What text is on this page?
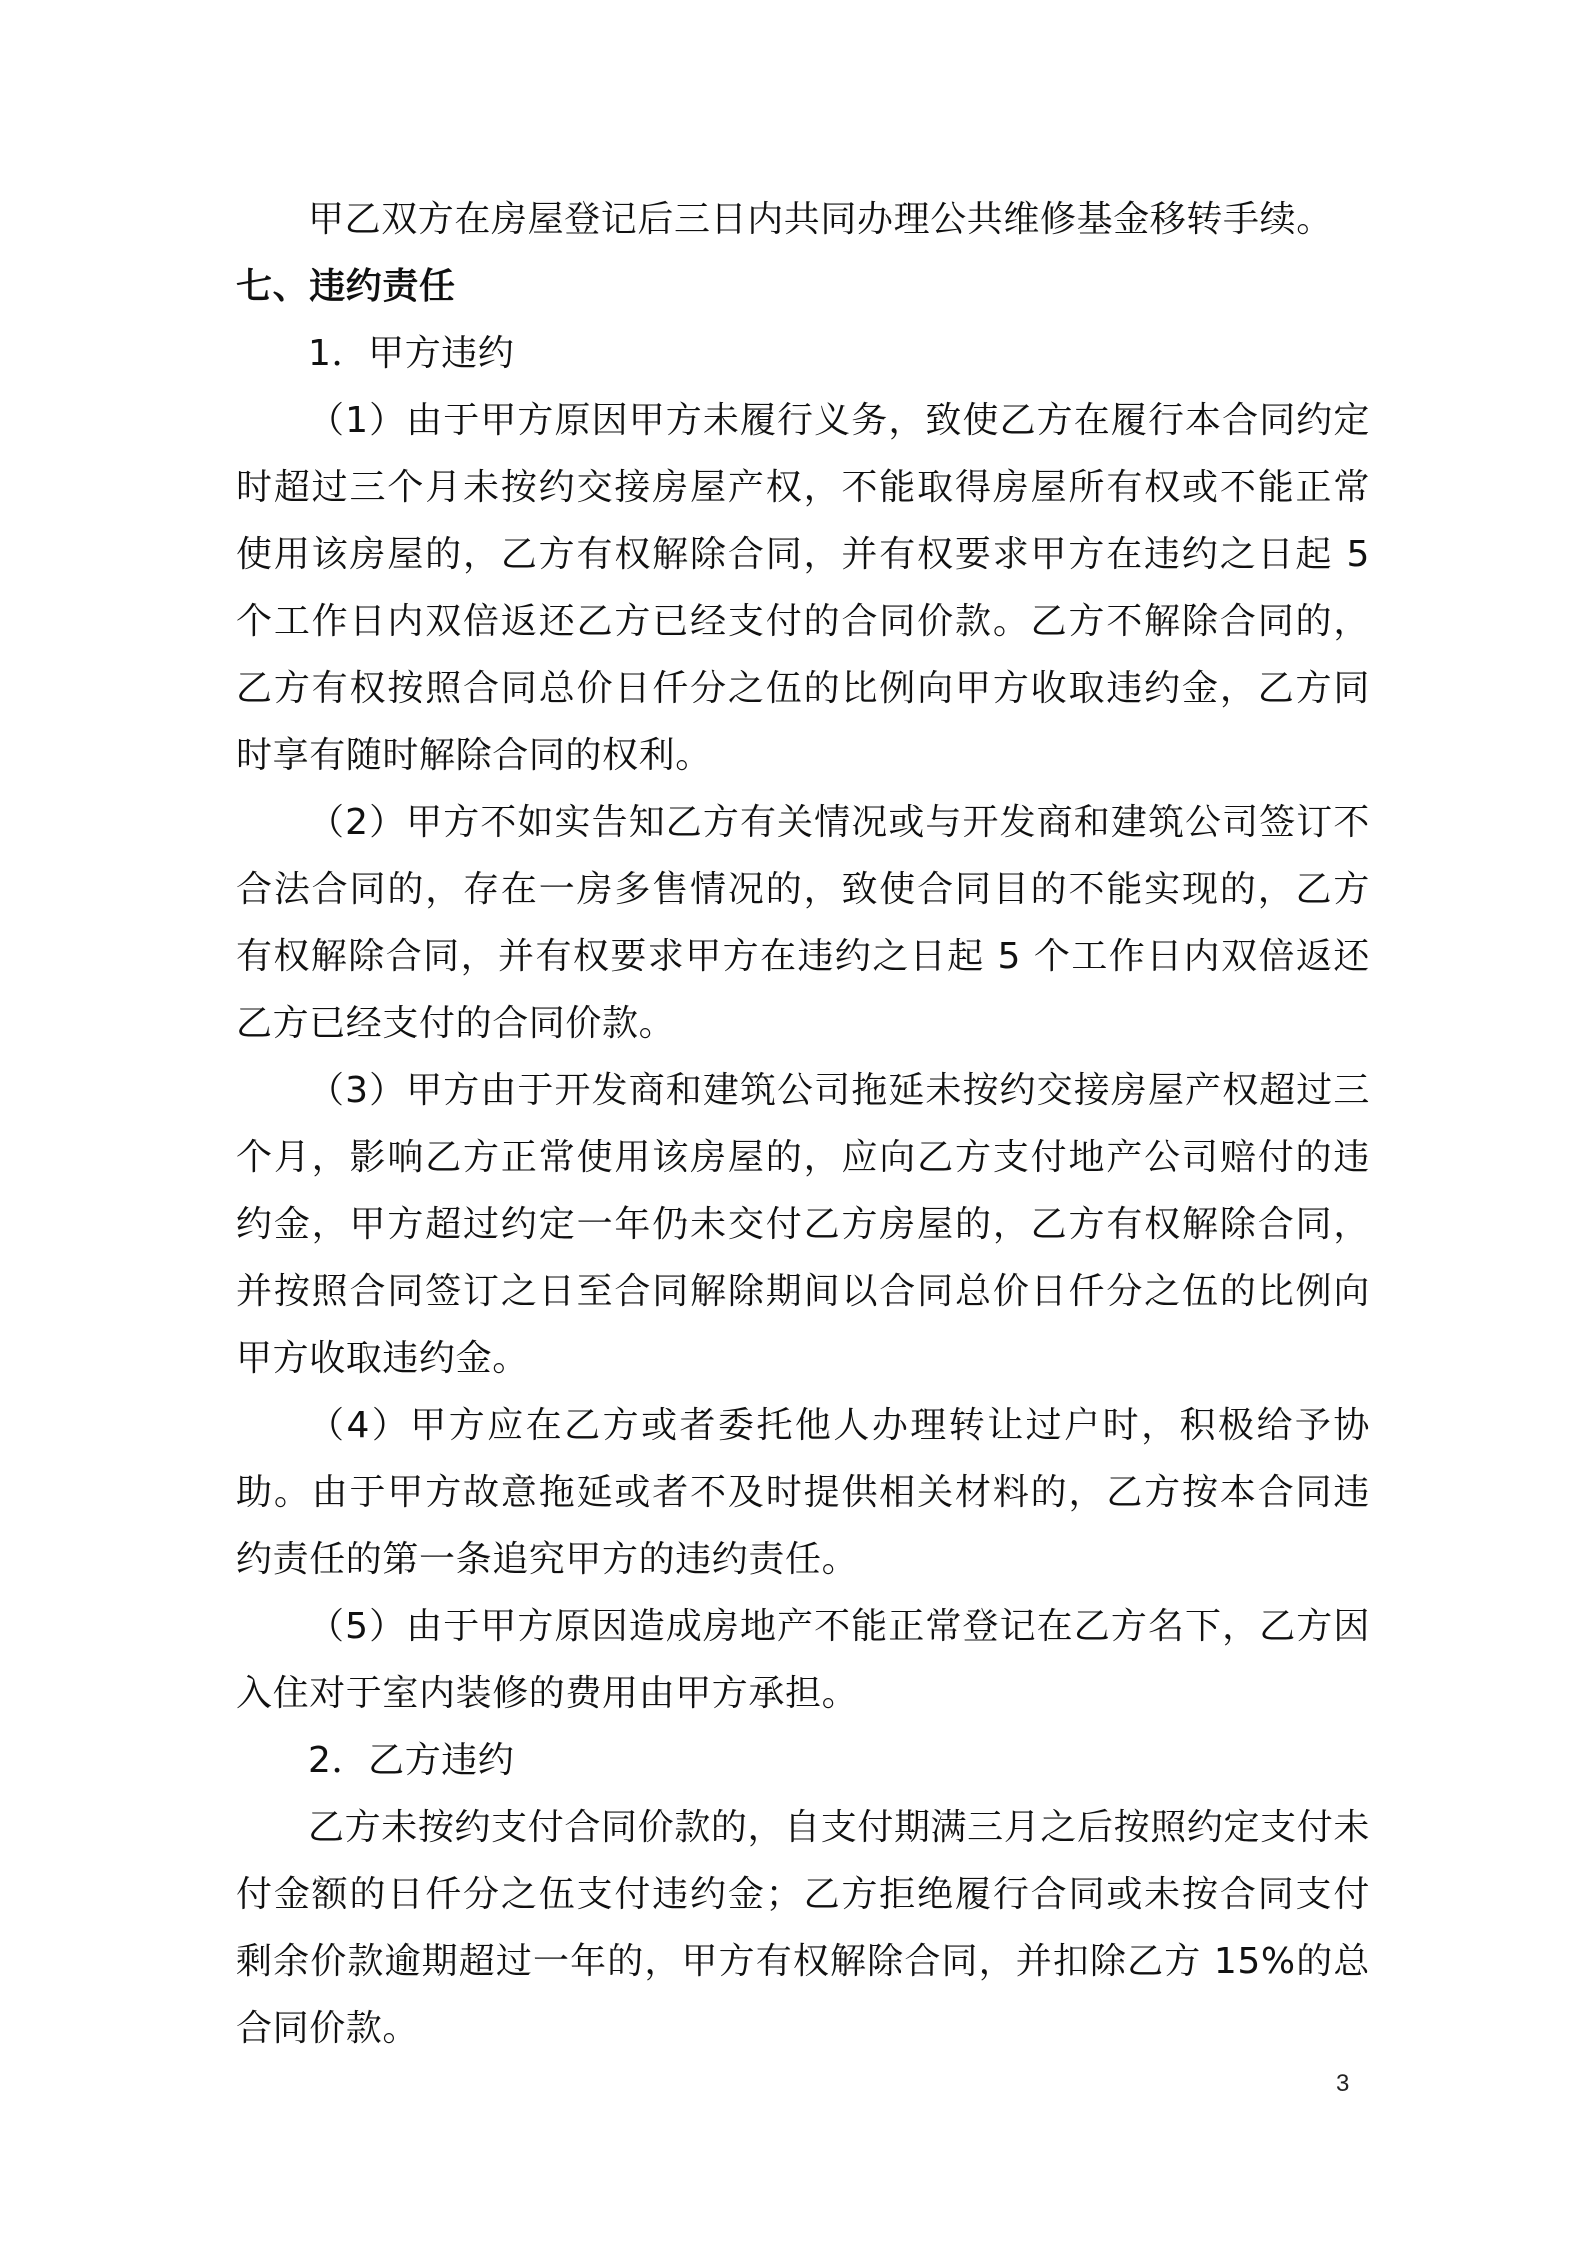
甲乙双方在房屋登记后三日内共同办理公共维修基金移转手续。

七、违约责任

1．甲方违约

（1）由于甲方原因甲方未履行义务，致使乙方在履行本合同约定时超过三个月未按约交接房屋产权，不能取得房屋所有权或不能正常使用该房屋的，乙方有权解除合同，并有权要求甲方在违约之日起 5 个工作日内双倍返还乙方已经支付的合同价款。乙方不解除合同的，乙方有权按照合同总价日仟分之伍的比例向甲方收取违约金，乙方同时享有随时解除合同的权利。

（2）甲方不如实告知乙方有关情况或与开发商和建筑公司签订不合法合同的，存在一房多售情况的，致使合同目的不能实现的，乙方有权解除合同，并有权要求甲方在违约之日起 5 个工作日内双倍返还乙方已经支付的合同价款。

（3）甲方由于开发商和建筑公司拖延未按约交接房屋产权超过三个月，影响乙方正常使用该房屋的，应向乙方支付地产公司赔付的违约金，甲方超过约定一年仍未交付乙方房屋的，乙方有权解除合同，并按照合同签订之日至合同解除期间以合同总价日仟分之伍的比例向甲方收取违约金。

（4）甲方应在乙方或者委托他人办理转让过户时，积极给予协助。由于甲方故意拖延或者不及时提供相关材料的，乙方按本合同违约责任的第一条追究甲方的违约责任。

（5）由于甲方原因造成房地产不能正常登记在乙方名下，乙方因入住对于室内装修的费用由甲方承担。

2．乙方违约

乙方未按约支付合同价款的，自支付期满三月之后按照约定支付未付金额的日仟分之伍支付违约金；乙方拒绝履行合同或未按合同支付剩余价款逾期超过一年的，甲方有权解除合同，并扣除乙方 15%的总合同价款。

3
